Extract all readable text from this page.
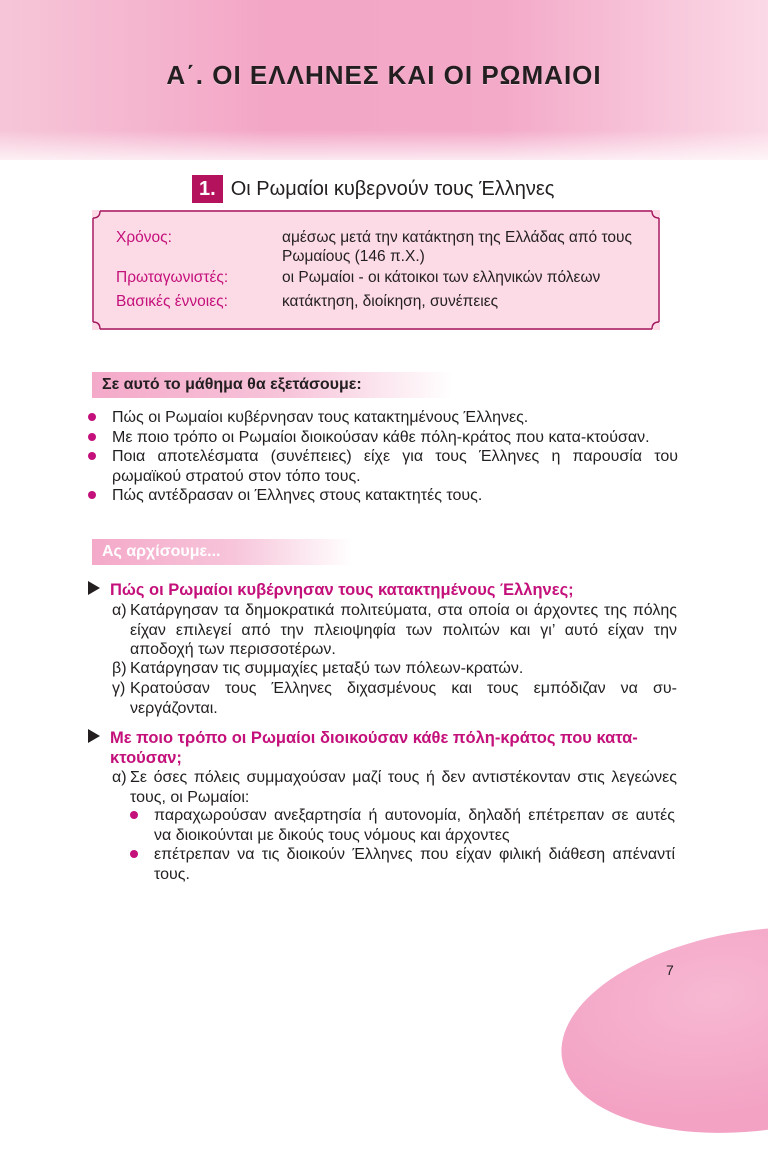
Α΄. ΟΙ ΕΛΛΗΝΕΣ ΚΑΙ ΟΙ ΡΩΜΑΙΟΙ
1. Οι Ρωμαίοι κυβερνούν τους Έλληνες
Χρόνος:	αμέσως μετά την κατάκτηση της Ελλάδας από τους Ρωμαίους (146 π.Χ.)
Πρωταγωνιστές:	οι Ρωμαίοι - οι κάτοικοι των ελληνικών πόλεων
Βασικές έννοιες:	κατάκτηση, διοίκηση, συνέπειες
Σε αυτό το μάθημα θα εξετάσουμε:
Πώς οι Ρωμαίοι κυβέρνησαν τους κατακτημένους Έλληνες.
Με ποιο τρόπο οι Ρωμαίοι διοικούσαν κάθε πόλη-κράτος που κατα-κτούσαν.
Ποια αποτελέσματα (συνέπειες) είχε για τους Έλληνες η παρουσία του ρωμαϊκού στρατού στον τόπο τους.
Πώς αντέδρασαν οι Έλληνες στους κατακτητές τους.
Ας αρχίσουμε...
Πώς οι Ρωμαίοι κυβέρνησαν τους κατακτημένους Έλληνες;
α) Κατάργησαν τα δημοκρατικά πολιτεύματα, στα οποία οι άρχοντες της πόλης είχαν επιλεγεί από την πλειοψηφία των πολιτών και γι’ αυτό είχαν την αποδοχή των περισσοτέρων.
β) Κατάργησαν τις συμμαχίες μεταξύ των πόλεων-κρατών.
γ) Κρατούσαν τους Έλληνες διχασμένους και τους εμπόδιζαν να συ-νεργάζονται.
Με ποιο τρόπο οι Ρωμαίοι διοικούσαν κάθε πόλη-κράτος που κατα-κτούσαν;
α) Σε όσες πόλεις συμμαχούσαν μαζί τους ή δεν αντιστέκονταν στις λεγεώνες τους, οι Ρωμαίοι:
παραχωρούσαν ανεξαρτησία ή αυτονομία, δηλαδή επέτρεπαν σε αυτές να διοικούνται με δικούς τους νόμους και άρχοντες
επέτρεπαν να τις διοικούν Έλληνες που είχαν φιλική διάθεση απέναντί τους.
7
